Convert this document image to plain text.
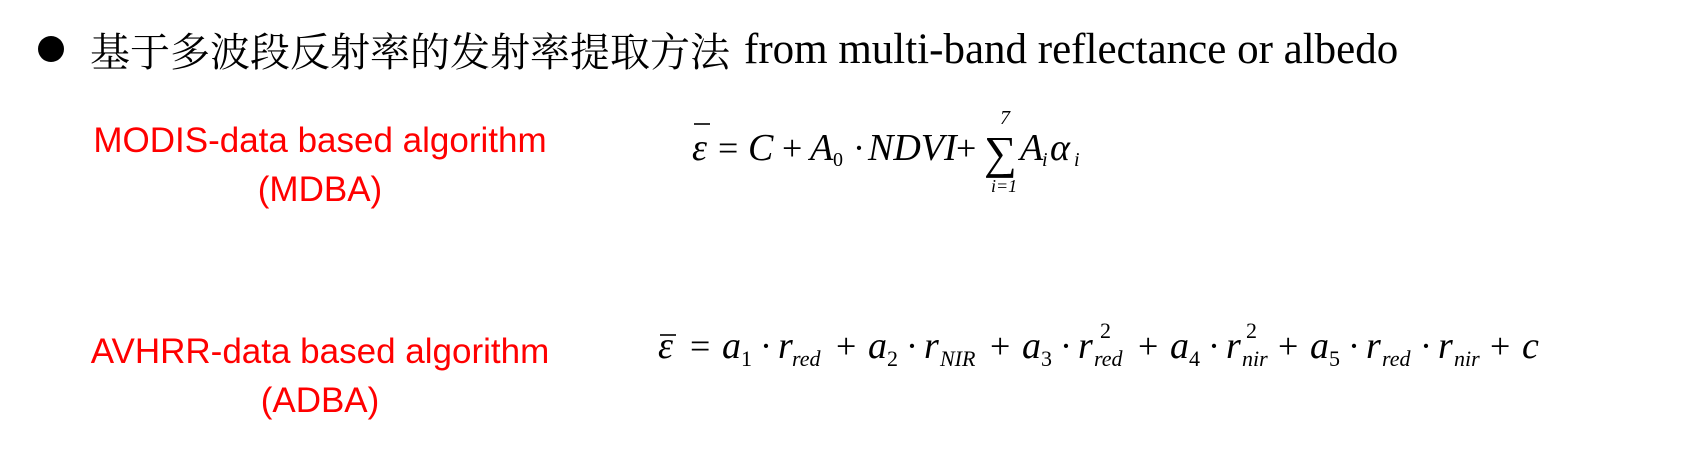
基于多波段反射率的发射率提取方法 from multi-band reflectance or albedo
MODIS-data based algorithm
(MDBA)
AVHRR-data based algorithm
(ADBA)
ε = C + A 0 · NDVI + ∑
7
i=1
A
i α i
ε = a 1 · r red + a 2 · r NIR + a 3 · r 2
red + a 4 · r 2
nir + a 5 · r red · r nir + c
